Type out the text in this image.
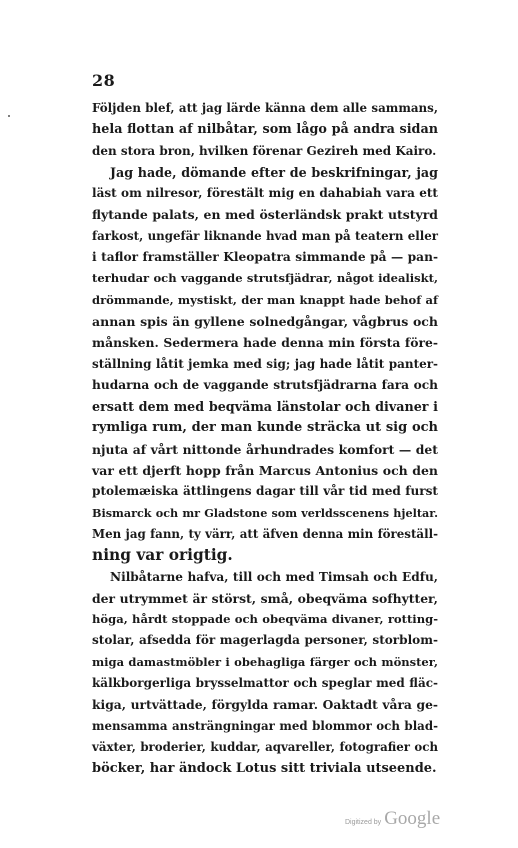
28
Följden blef, att jag lärde känna dem alle sammans,
hela flottan af nilbåtar, som lågo på andra sidan
den stora bron, hvilken förenar Gezireh med Kairo.
Jag hade, dömande efter de beskrifningar, jag
läst om nilresor, förestält mig en dahabiah vara ett
flytande palats, en med österländsk prakt utstyrd
farkost, ungefär liknande hvad man på teatern eller
i taflor framställer Kleopatra simmande på — pan-
terhudar och vaggande strutsfjädrar, något idealiskt,
drömmande, mystiskt, der man knappt hade behof af
annan spis än gyllene solnedgångar, vågbrus och
månsken. Sedermera hade denna min första före-
ställning låtit jemka med sig; jag hade låtit panter-
hudarna och de vaggande strutsfjädrarna fara och
ersatt dem med beqväma länstolar och divaner i
rymliga rum, der man kunde sträcka ut sig och
njuta af vårt nittonde århundrades komfort — det
var ett djerft hopp från Marcus Antonius och den
ptolemæiska ättlingens dagar till vår tid med furst
Bismarck och mr Gladstone som verldsscenens hjeltar.
Men jag fann, ty värr, att äfven denna min föreställ-
ning var origtig.
Nilbåtarne hafva, till och med Timsah och Edfu,
der utrymmet är störst, små, obeqväma sofhytter,
höga, hårdt stoppade och obeqväma divaner, rotting-
stolar, afsedda för magerlagda personer, storblom-
miga damastmöbler i obehagliga färger och mönster,
kälkborgerliga brysselmattor och speglar med fläc-
kiga, urtvättade, förgylda ramar. Oaktadt våra ge-
mensamma ansträngningar med blommor och blad-
växter, broderier, kuddar, aqvareller, fotografier och
böcker, har ändock Lotus sitt triviala utseende.
Digitized by Google
